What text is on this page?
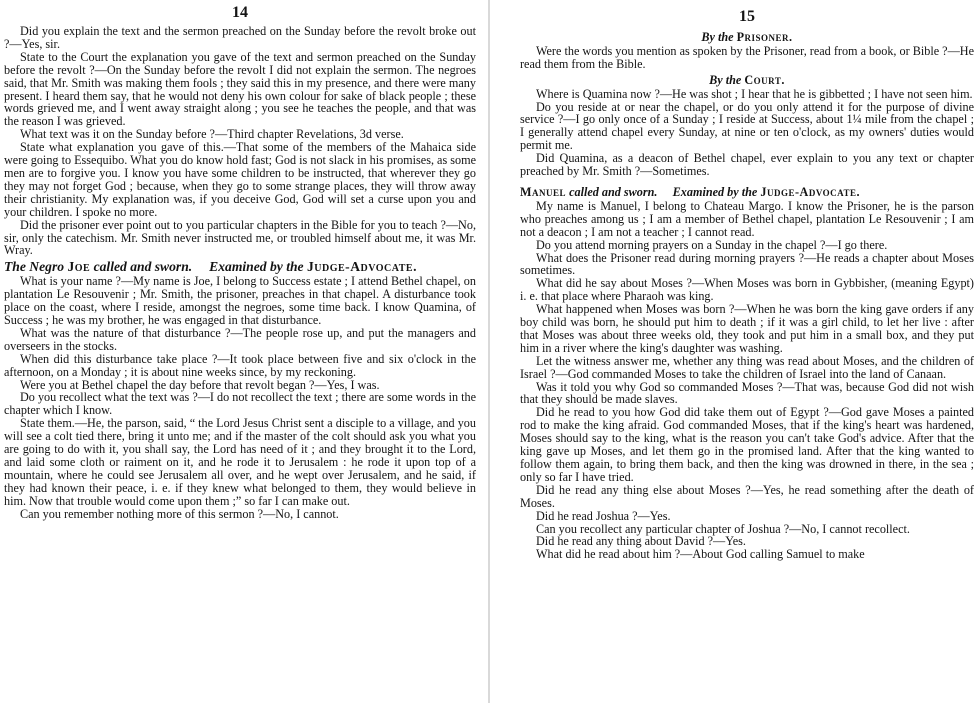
14

Did you explain the text and the sermon preached on the Sunday before the revolt broke out ?—Yes, sir.

State to the Court the explanation you gave of the text and sermon preached on the Sunday before the revolt ?—On the Sunday before the revolt I did not explain the sermon. The negroes said, that Mr. Smith was making them fools ; they said this in my presence, and there were many present. I heard them say, that he would not deny his own colour for sake of black people ; these words grieved me, and I went away straight along ; you see he teaches the people, and that was the reason I was grieved.

What text was it on the Sunday before ?—Third chapter Revelations, 3d verse.

State what explanation you gave of this.—That some of the members of the Mahaica side were going to Essequibo. What you do know hold fast; God is not slack in his promises, as some men are to forgive you. I know you have some children to be instructed, that wherever they go they may not forget God ; because, when they go to some strange places, they will throw away their christianity. My explanation was, if you deceive God, God will set a curse upon you and your children. I spoke no more.

Did the prisoner ever point out to you particular chapters in the Bible for you to teach ?—No, sir, only the catechism. Mr. Smith never instructed me, or troubled himself about me, it was Mr. Wray.

The Negro Joe called and sworn.   Examined by the Judge-Advocate.

What is your name ?—My name is Joe, I belong to Success estate ; I attend Bethel chapel, on plantation Le Resouvenir ; Mr. Smith, the prisoner, preaches in that chapel. A disturbance took place on the coast, where I reside, amongst the negroes, some time back. I know Quamina, of Success ; he was my brother, he was engaged in that disturbance.

What was the nature of that disturbance ?—The people rose up, and put the managers and overseers in the stocks.

When did this disturbance take place ?—It took place between five and six o'clock in the afternoon, on a Monday ; it is about nine weeks since, by my reckoning.

Were you at Bethel chapel the day before that revolt began ?—Yes, I was.

Do you recollect what the text was ?—I do not recollect the text ; there are some words in the chapter which I know.

State them.—He, the parson, said, “ the Lord Jesus Christ sent a disciple to a village, and you will see a colt tied there, bring it unto me; and if the master of the colt should ask you what you are going to do with it, you shall say, the Lord has need of it ; and they brought it to the Lord, and laid some cloth or raiment on it, and he rode it to Jerusalem : he rode it upon top of a mountain, where he could see Jerusalem all over, and he wept over Jerusalem, and he said, if they had known their peace, i. e. if they knew what belonged to them, they would believe in him. Now that trouble would come upon them ;” so far I can make out.

Can you remember nothing more of this sermon ?—No, I cannot.

15

By the Prisoner.

Were the words you mention as spoken by the Prisoner, read from a book, or Bible ?—He read them from the Bible.

By the Court.

Where is Quamina now ?—He was shot ; I hear that he is gibbetted ; I have not seen him.

Do you reside at or near the chapel, or do you only attend it for the purpose of divine service ?—I go only once of a Sunday ; I reside at Success, about 1¼ mile from the chapel ; I generally attend chapel every Sunday, at nine or ten o'clock, as my owners' duties would permit me.

Did Quamina, as a deacon of Bethel chapel, ever explain to you any text or chapter preached by Mr. Smith ?—Sometimes.

Manuel called and sworn.   Examined by the Judge-Advocate.

My name is Manuel, I belong to Chateau Margo. I know the Prisoner, he is the parson who preaches among us ; I am a member of Bethel chapel, plantation Le Resouvenir ; I am not a deacon ; I am not a teacher ; I cannot read.

Do you attend morning prayers on a Sunday in the chapel ?—I go there.

What does the Prisoner read during morning prayers ?—He reads a chapter about Moses sometimes.

What did he say about Moses ?—When Moses was born in Gybbisher, (meaning Egypt) i. e. that place where Pharaoh was king.

What happened when Moses was born ?—When he was born the king gave orders if any boy child was born, he should put him to death ; if it was a girl child, to let her live : after that Moses was about three weeks old, they took and put him in a small box, and they put him in a river where the king's daughter was washing.

Let the witness answer me, whether any thing was read about Moses, and the children of Israel ?—God commanded Moses to take the children of Israel into the land of Canaan.

Was it told you why God so commanded Moses ?—That was, because God did not wish that they should be made slaves.

Did he read to you how God did take them out of Egypt ?—God gave Moses a painted rod to make the king afraid. God commanded Moses, that if the king's heart was hardened, Moses should say to the king, what is the reason you can't take God's advice. After that the king gave up Moses, and let them go in the promised land. After that the king wanted to follow them again, to bring them back, and then the king was drowned in there, in the sea ; only so far I have tried.

Did he read any thing else about Moses ?—Yes, he read something after the death of Moses.

Did he read Joshua ?—Yes.

Can you recollect any particular chapter of Joshua ?—No, I cannot recollect.

Did he read any thing about David ?—Yes.

What did he read about him ?—About God calling Samuel to make
